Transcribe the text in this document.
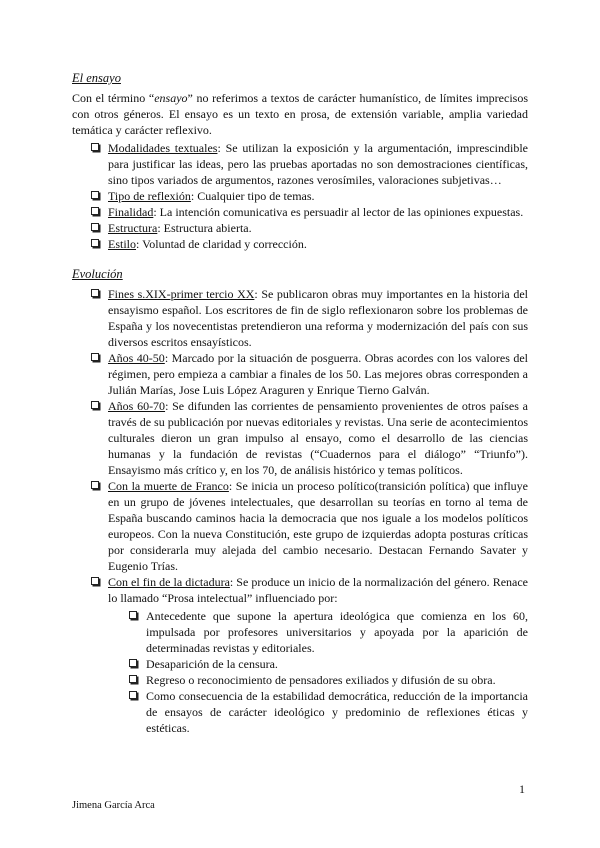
El ensayo

Con el término “ensayo” no referimos a textos de carácter humanístico, de límites imprecisos con otros géneros. El ensayo es un texto en prosa, de extensión variable, amplia variedad temática y carácter reflexivo.

Modalidades textuales: Se utilizan la exposición y la argumentación, imprescindible para justificar las ideas, pero las pruebas aportadas no son demostraciones científicas, sino tipos variados de argumentos, razones verosímiles, valoraciones subjetivas…
Tipo de reflexión: Cualquier tipo de temas.
Finalidad: La intención comunicativa es persuadir al lector de las opiniones expuestas.
Estructura: Estructura abierta.
Estilo: Voluntad de claridad y corrección.
Evolución
Fines s.XIX-primer tercio XX: Se publicaron obras muy importantes en la historia del ensayismo español. Los escritores de fin de siglo reflexionaron sobre los problemas de España y los novecentistas pretendieron una reforma y modernización del país con sus diversos escritos ensayísticos.
Años 40-50: Marcado por la situación de posguerra. Obras acordes con los valores del régimen, pero empieza a cambiar a finales de los 50. Las mejores obras corresponden a Julián Marías, Jose Luis López Araguren y Enrique Tierno Galván.
Años 60-70: Se difunden las corrientes de pensamiento provenientes de otros países a través de su publicación por nuevas editoriales y revistas. Una serie de acontecimientos culturales dieron un gran impulso al ensayo, como el desarrollo de las ciencias humanas y la fundación de revistas (“Cuadernos para el diálogo” “Triunfo”). Ensayismo más crítico y, en los 70, de análisis histórico y temas políticos.
Con la muerte de Franco: Se inicia un proceso político(transición política) que influye en un grupo de jóvenes intelectuales, que desarrollan su teorías en torno al tema de España buscando caminos hacia la democracia que nos iguale a los modelos políticos europeos. Con la nueva Constitución, este grupo de izquierdas adopta posturas críticas por considerarla muy alejada del cambio necesario. Destacan Fernando Savater y Eugenio Trías.
Con el fin de la dictadura: Se produce un inicio de la normalización del género. Renace lo llamado “Prosa intelectual” influenciado por:
Antecedente que supone la apertura ideológica que comienza en los 60, impulsada por profesores universitarios y apoyada por la aparición de determinadas revistas y editoriales.
Desaparición de la censura.
Regreso o reconocimiento de pensadores exiliados y difusión de su obra.
Como consecuencia de la estabilidad democrática, reducción de la importancia de ensayos de carácter ideológico y predominio de reflexiones éticas y estéticas.
1
Jimena García Arca
